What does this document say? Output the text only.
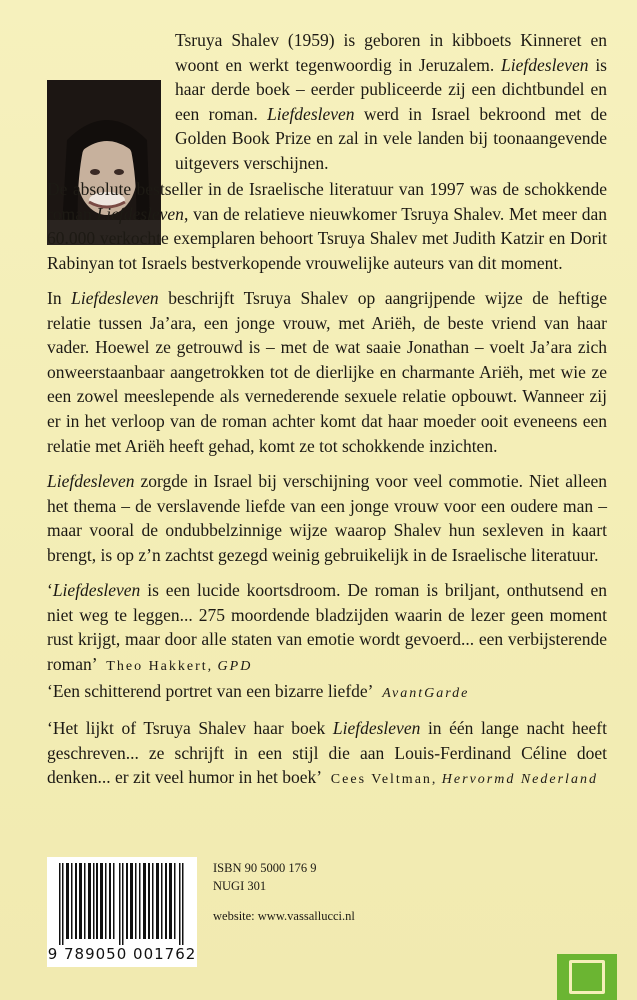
Tsruya Shalev (1959) is geboren in kibboets Kinneret en woont en werkt tegenwoordig in Jeruzalem. Liefdesleven is haar derde boek – eerder publiceerde zij een dichtbundel en een roman. Liefdesleven werd in Israel bekroond met de Golden Book Prize en zal in vele landen bij toonaangevende uitgevers verschijnen.

De absolute bestseller in de Israelische literatuur van 1997 was de schokkende roman Liefdesleven, van de relatieve nieuwkomer Tsruya Shalev. Met meer dan 60.000 verkochte exemplaren behoort Tsruya Shalev met Judith Katzir en Dorit Rabinyan tot Israels bestverkopende vrouwelijke auteurs van dit moment.

In Liefdesleven beschrijft Tsruya Shalev op aangrijpende wijze de heftige relatie tussen Ja’ara, een jonge vrouw, met Ariëh, de beste vriend van haar vader. Hoewel ze getrouwd is – met de wat saaie Jonathan – voelt Ja’ara zich onweerstaanbaar aangetrokken tot de dierlijke en charmante Ariëh, met wie ze een zowel meeslepende als vernederende sexuele relatie opbouwt. Wanneer zij er in het verloop van de roman achter komt dat haar moeder ooit eveneens een relatie met Ariëh heeft gehad, komt ze tot schokkende inzichten.

Liefdesleven zorgde in Israel bij verschijning voor veel commotie. Niet alleen het thema – de verslavende liefde van een jonge vrouw voor een oudere man – maar vooral de ondubbelzinnige wijze waarop Shalev hun sexleven in kaart brengt, is op z’n zachtst gezegd weinig gebruikelijk in de Israelische literatuur.

‘Liefdesleven is een lucide koortsdroom. De roman is briljant, onthutsend en niet weg te leggen... 275 moordende bladzijden waarin de lezer geen moment rust krijgt, maar door alle staten van emotie wordt gevoerd... een verbijsterende roman’ Theo Hakkert, GPD

‘Een schitterend portret van een bizarre liefde’ AvantGarde

‘Het lijkt of Tsruya Shalev haar boek Liefdesleven in één lange nacht heeft geschreven... ze schrijft in een stijl die aan Louis-Ferdinand Céline doet denken... er zit veel humor in het boek’ Cees Veltman, Hervormd Nederland

9 789050 001762
ISBN 90 5000 176 9
NUGI 301
website: www.vassallucci.nl
